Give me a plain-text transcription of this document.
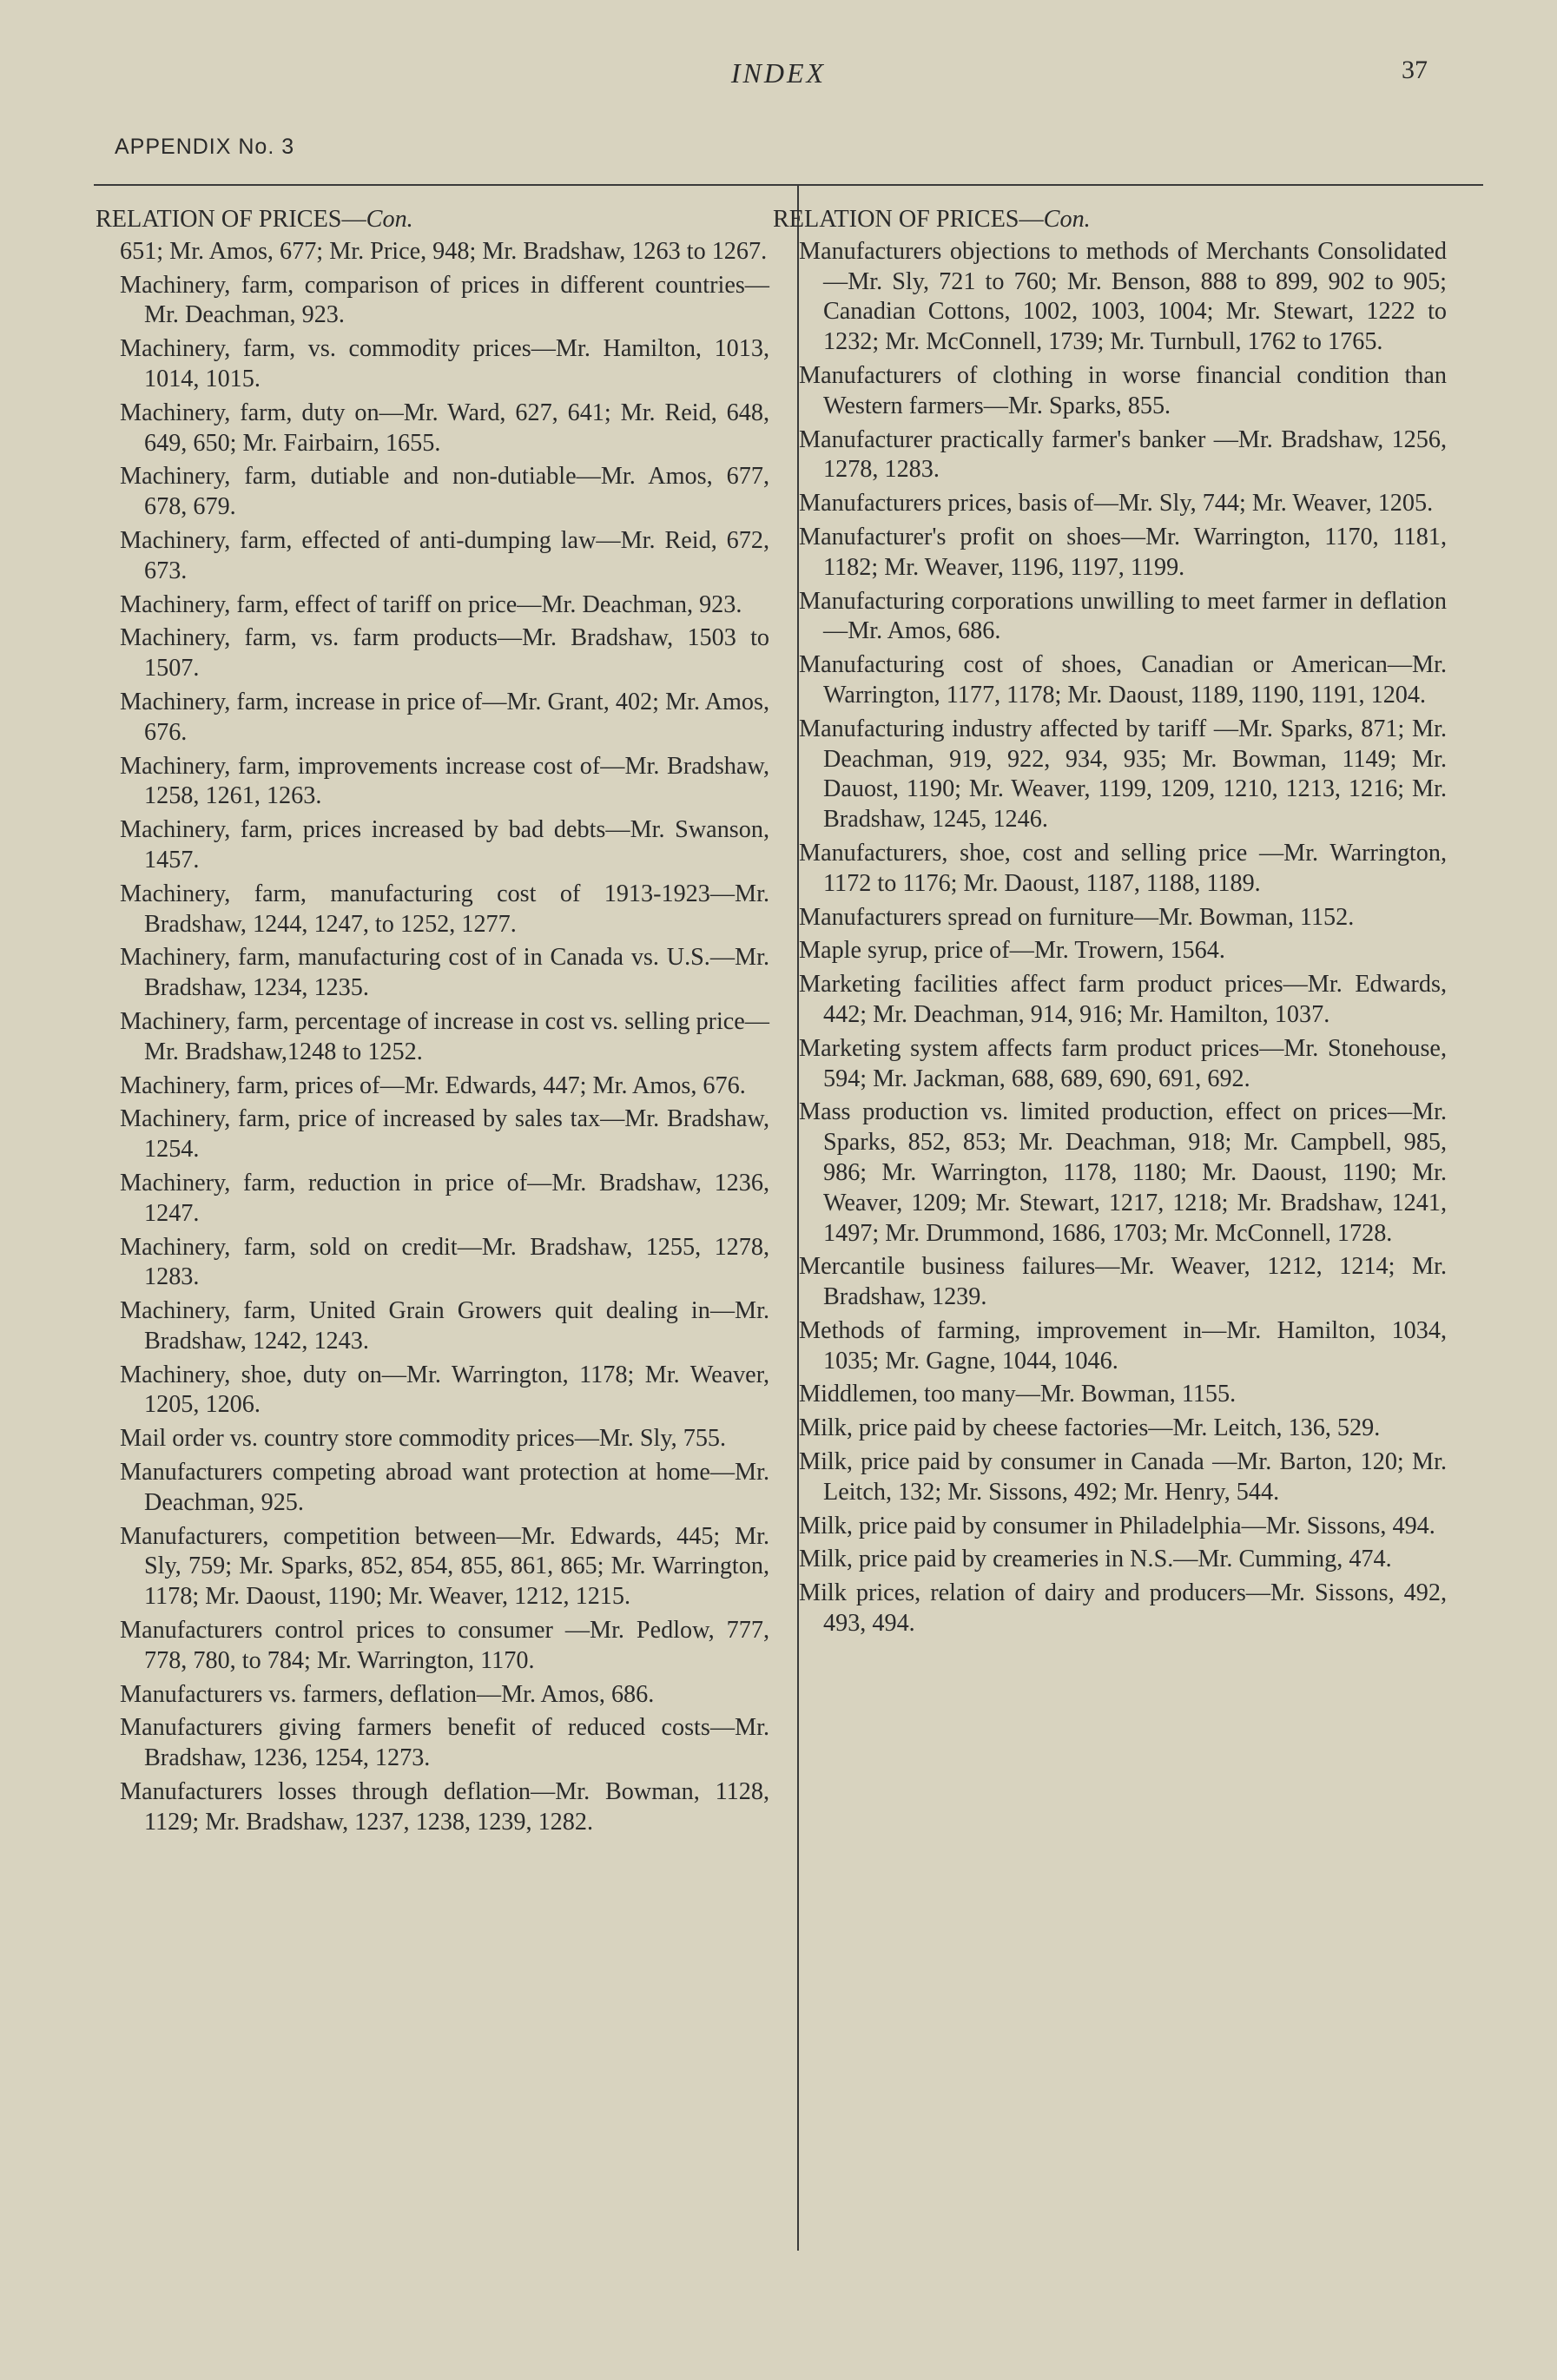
INDEX	37
APPENDIX No. 3
RELATION OF PRICES—Con.

651; Mr. Amos, 677; Mr. Price, 948; Mr. Bradshaw, 1263 to 1267.

Machinery, farm, comparison of prices in different countries—Mr. Deachman, 923.

Machinery, farm, vs. commodity prices—Mr. Hamilton, 1013, 1014, 1015.

Machinery, farm, duty on—Mr. Ward, 627, 641; Mr. Reid, 648, 649, 650; Mr. Fairbairn, 1655.

Machinery, farm, dutiable and non-dutiable—Mr. Amos, 677, 678, 679.

Machinery, farm, effected of anti-dumping law—Mr. Reid, 672, 673.

Machinery, farm, effect of tariff on price—Mr. Deachman, 923.

Machinery, farm, vs. farm products—Mr. Bradshaw, 1503 to 1507.

Machinery, farm, increase in price of—Mr. Grant, 402; Mr. Amos, 676.

Machinery, farm, improvements increase cost of—Mr. Bradshaw, 1258, 1261, 1263.

Machinery, farm, prices increased by bad debts—Mr. Swanson, 1457.

Machinery, farm, manufacturing cost of 1913-1923—Mr. Bradshaw, 1244, 1247, to 1252, 1277.

Machinery, farm, manufacturing cost of in Canada vs. U.S.—Mr. Bradshaw, 1234, 1235.

Machinery, farm, percentage of increase in cost vs. selling price—Mr. Bradshaw,1248 to 1252.

Machinery, farm, prices of—Mr. Edwards, 447; Mr. Amos, 676.

Machinery, farm, price of increased by sales tax—Mr. Bradshaw, 1254.

Machinery, farm, reduction in price of—Mr. Bradshaw, 1236, 1247.

Machinery, farm, sold on credit—Mr. Bradshaw, 1255, 1278, 1283.

Machinery, farm, United Grain Growers quit dealing in—Mr. Bradshaw, 1242, 1243.

Machinery, shoe, duty on—Mr. Warrington, 1178; Mr. Weaver, 1205, 1206.

Mail order vs. country store commodity prices—Mr. Sly, 755.

Manufacturers competing abroad want protection at home—Mr. Deachman, 925.

Manufacturers, competition between—Mr. Edwards, 445; Mr. Sly, 759; Mr. Sparks, 852, 854, 855, 861, 865; Mr. Warrington, 1178; Mr. Daoust, 1190; Mr. Weaver, 1212, 1215.

Manufacturers control prices to consumer —Mr. Pedlow, 777, 778, 780, to 784; Mr. Warrington, 1170.

Manufacturers vs. farmers, deflation—Mr. Amos, 686.

Manufacturers giving farmers benefit of reduced costs—Mr. Bradshaw, 1236, 1254, 1273.

Manufacturers losses through deflation—Mr. Bowman, 1128, 1129; Mr. Bradshaw, 1237, 1238, 1239, 1282.

RELATION OF PRICES—Con.

Manufacturers objections to methods of Merchants Consolidated—Mr. Sly, 721 to 760; Mr. Benson, 888 to 899, 902 to 905; Canadian Cottons, 1002, 1003, 1004; Mr. Stewart, 1222 to 1232; Mr. McConnell, 1739; Mr. Turnbull, 1762 to 1765.

Manufacturers of clothing in worse financial condition than Western farmers—Mr. Sparks, 855.

Manufacturer practically farmer's banker —Mr. Bradshaw, 1256, 1278, 1283.

Manufacturers prices, basis of—Mr. Sly, 744; Mr. Weaver, 1205.

Manufacturer's profit on shoes—Mr. Warrington, 1170, 1181, 1182; Mr. Weaver, 1196, 1197, 1199.

Manufacturing corporations unwilling to meet farmer in deflation—Mr. Amos, 686.

Manufacturing cost of shoes, Canadian or American—Mr. Warrington, 1177, 1178; Mr. Daoust, 1189, 1190, 1191, 1204.

Manufacturing industry affected by tariff —Mr. Sparks, 871; Mr. Deachman, 919, 922, 934, 935; Mr. Bowman, 1149; Mr. Dauost, 1190; Mr. Weaver, 1199, 1209, 1210, 1213, 1216; Mr. Bradshaw, 1245, 1246.

Manufacturers, shoe, cost and selling price —Mr. Warrington, 1172 to 1176; Mr. Daoust, 1187, 1188, 1189.

Manufacturers spread on furniture—Mr. Bowman, 1152.

Maple syrup, price of—Mr. Trowern, 1564.

Marketing facilities affect farm product prices—Mr. Edwards, 442; Mr. Deachman, 914, 916; Mr. Hamilton, 1037.

Marketing system affects farm product prices—Mr. Stonehouse, 594; Mr. Jackman, 688, 689, 690, 691, 692.

Mass production vs. limited production, effect on prices—Mr. Sparks, 852, 853; Mr. Deachman, 918; Mr. Campbell, 985, 986; Mr. Warrington, 1178, 1180; Mr. Daoust, 1190; Mr. Weaver, 1209; Mr. Stewart, 1217, 1218; Mr. Bradshaw, 1241, 1497; Mr. Drummond, 1686, 1703; Mr. McConnell, 1728.

Mercantile business failures—Mr. Weaver, 1212, 1214; Mr. Bradshaw, 1239.

Methods of farming, improvement in—Mr. Hamilton, 1034, 1035; Mr. Gagne, 1044, 1046.

Middlemen, too many—Mr. Bowman, 1155.

Milk, price paid by cheese factories—Mr. Leitch, 136, 529.

Milk, price paid by consumer in Canada —Mr. Barton, 120; Mr. Leitch, 132; Mr. Sissons, 492; Mr. Henry, 544.

Milk, price paid by consumer in Philadelphia—Mr. Sissons, 494.

Milk, price paid by creameries in N.S.—Mr. Cumming, 474.

Milk prices, relation of dairy and producers—Mr. Sissons, 492, 493, 494.
